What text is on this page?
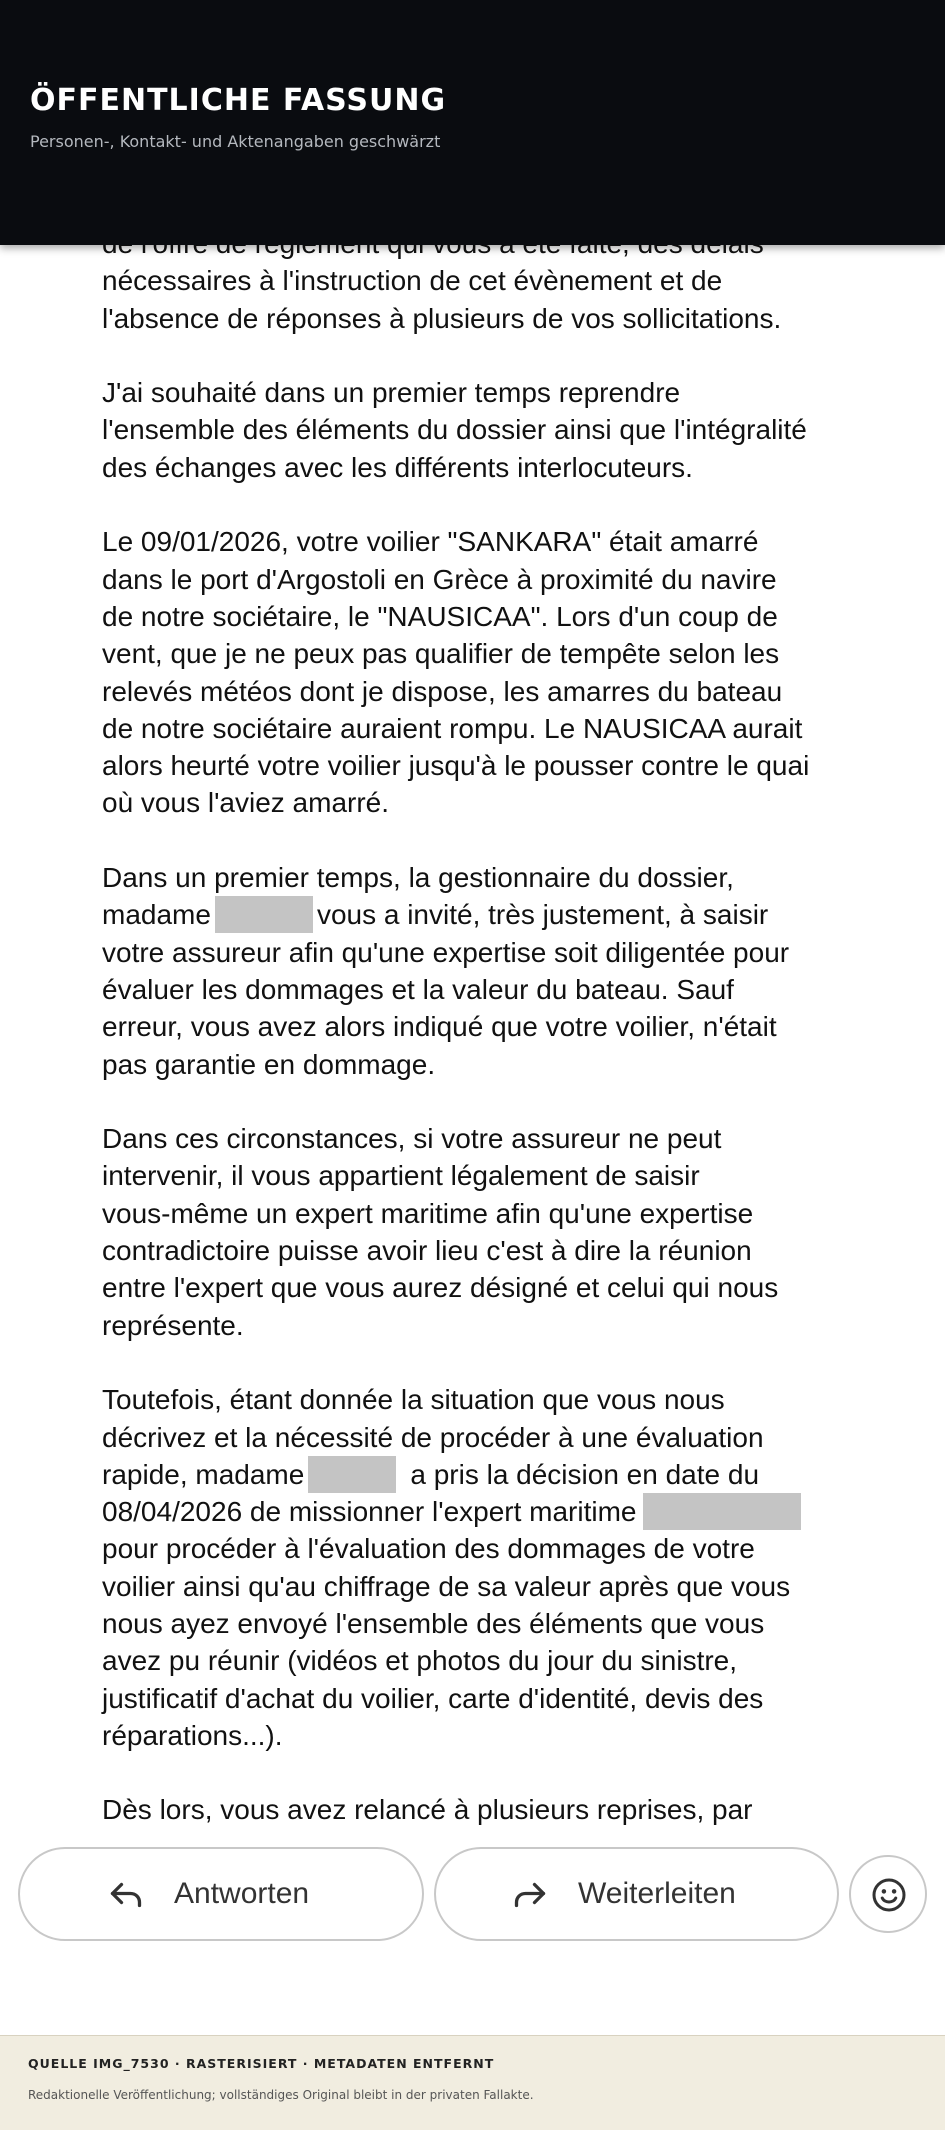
ÖFFENTLICHE FASSUNG
Personen-, Kontakt- und Aktenangaben geschwärzt
nécessaires à l'instruction de cet évènement et de
l'absence de réponses à plusieurs de vos sollicitations.
J'ai souhaité dans un premier temps reprendre
l'ensemble des éléments du dossier ainsi que l'intégralité
des échanges avec les différents interlocuteurs.
Le 09/01/2026, votre voilier "SANKARA" était amarré
dans le port d'Argostoli en Grèce à proximité du navire
de notre sociétaire, le "NAUSICAA". Lors d'un coup de
vent, que je ne peux pas qualifier de tempête selon les
relevés météos dont je dispose, les amarres du bateau
de notre sociétaire auraient rompu. Le NAUSICAA aurait
alors heurté votre voilier jusqu'à le pousser contre le quai
où vous l'aviez amarré.
Dans un premier temps, la gestionnaire du dossier,
madame	vous a invité, très justement, à saisir
votre assureur afin qu'une expertise soit diligentée pour
évaluer les dommages et la valeur du bateau. Sauf
erreur, vous avez alors indiqué que votre voilier, n'était
pas garantie en dommage.
Dans ces circonstances, si votre assureur ne peut
intervenir, il vous appartient légalement de saisir
vous-même un expert maritime afin qu'une expertise
contradictoire puisse avoir lieu c'est à dire la réunion
entre l'expert que vous aurez désigné et celui qui nous
représente.
Toutefois, étant donnée la situation que vous nous
décrivez et la nécessité de procéder à une évaluation
rapide, madame	a pris la décision en date du
08/04/2026 de missionner l'expert maritime
pour procéder à l'évaluation des dommages de votre
voilier ainsi qu'au chiffrage de sa valeur après que vous
nous ayez envoyé l'ensemble des éléments que vous
avez pu réunir (vidéos et photos du jour du sinistre,
justificatif d'achat du voilier, carte d'identité, devis des
réparations...).
Dès lors, vous avez relancé à plusieurs reprises, par
Antworten	Weiterleiten
QUELLE IMG_7530 · RASTERISIERT · METADATEN ENTFERNT
Redaktionelle Veröffentlichung; vollständiges Original bleibt in der privaten Fallakte.
